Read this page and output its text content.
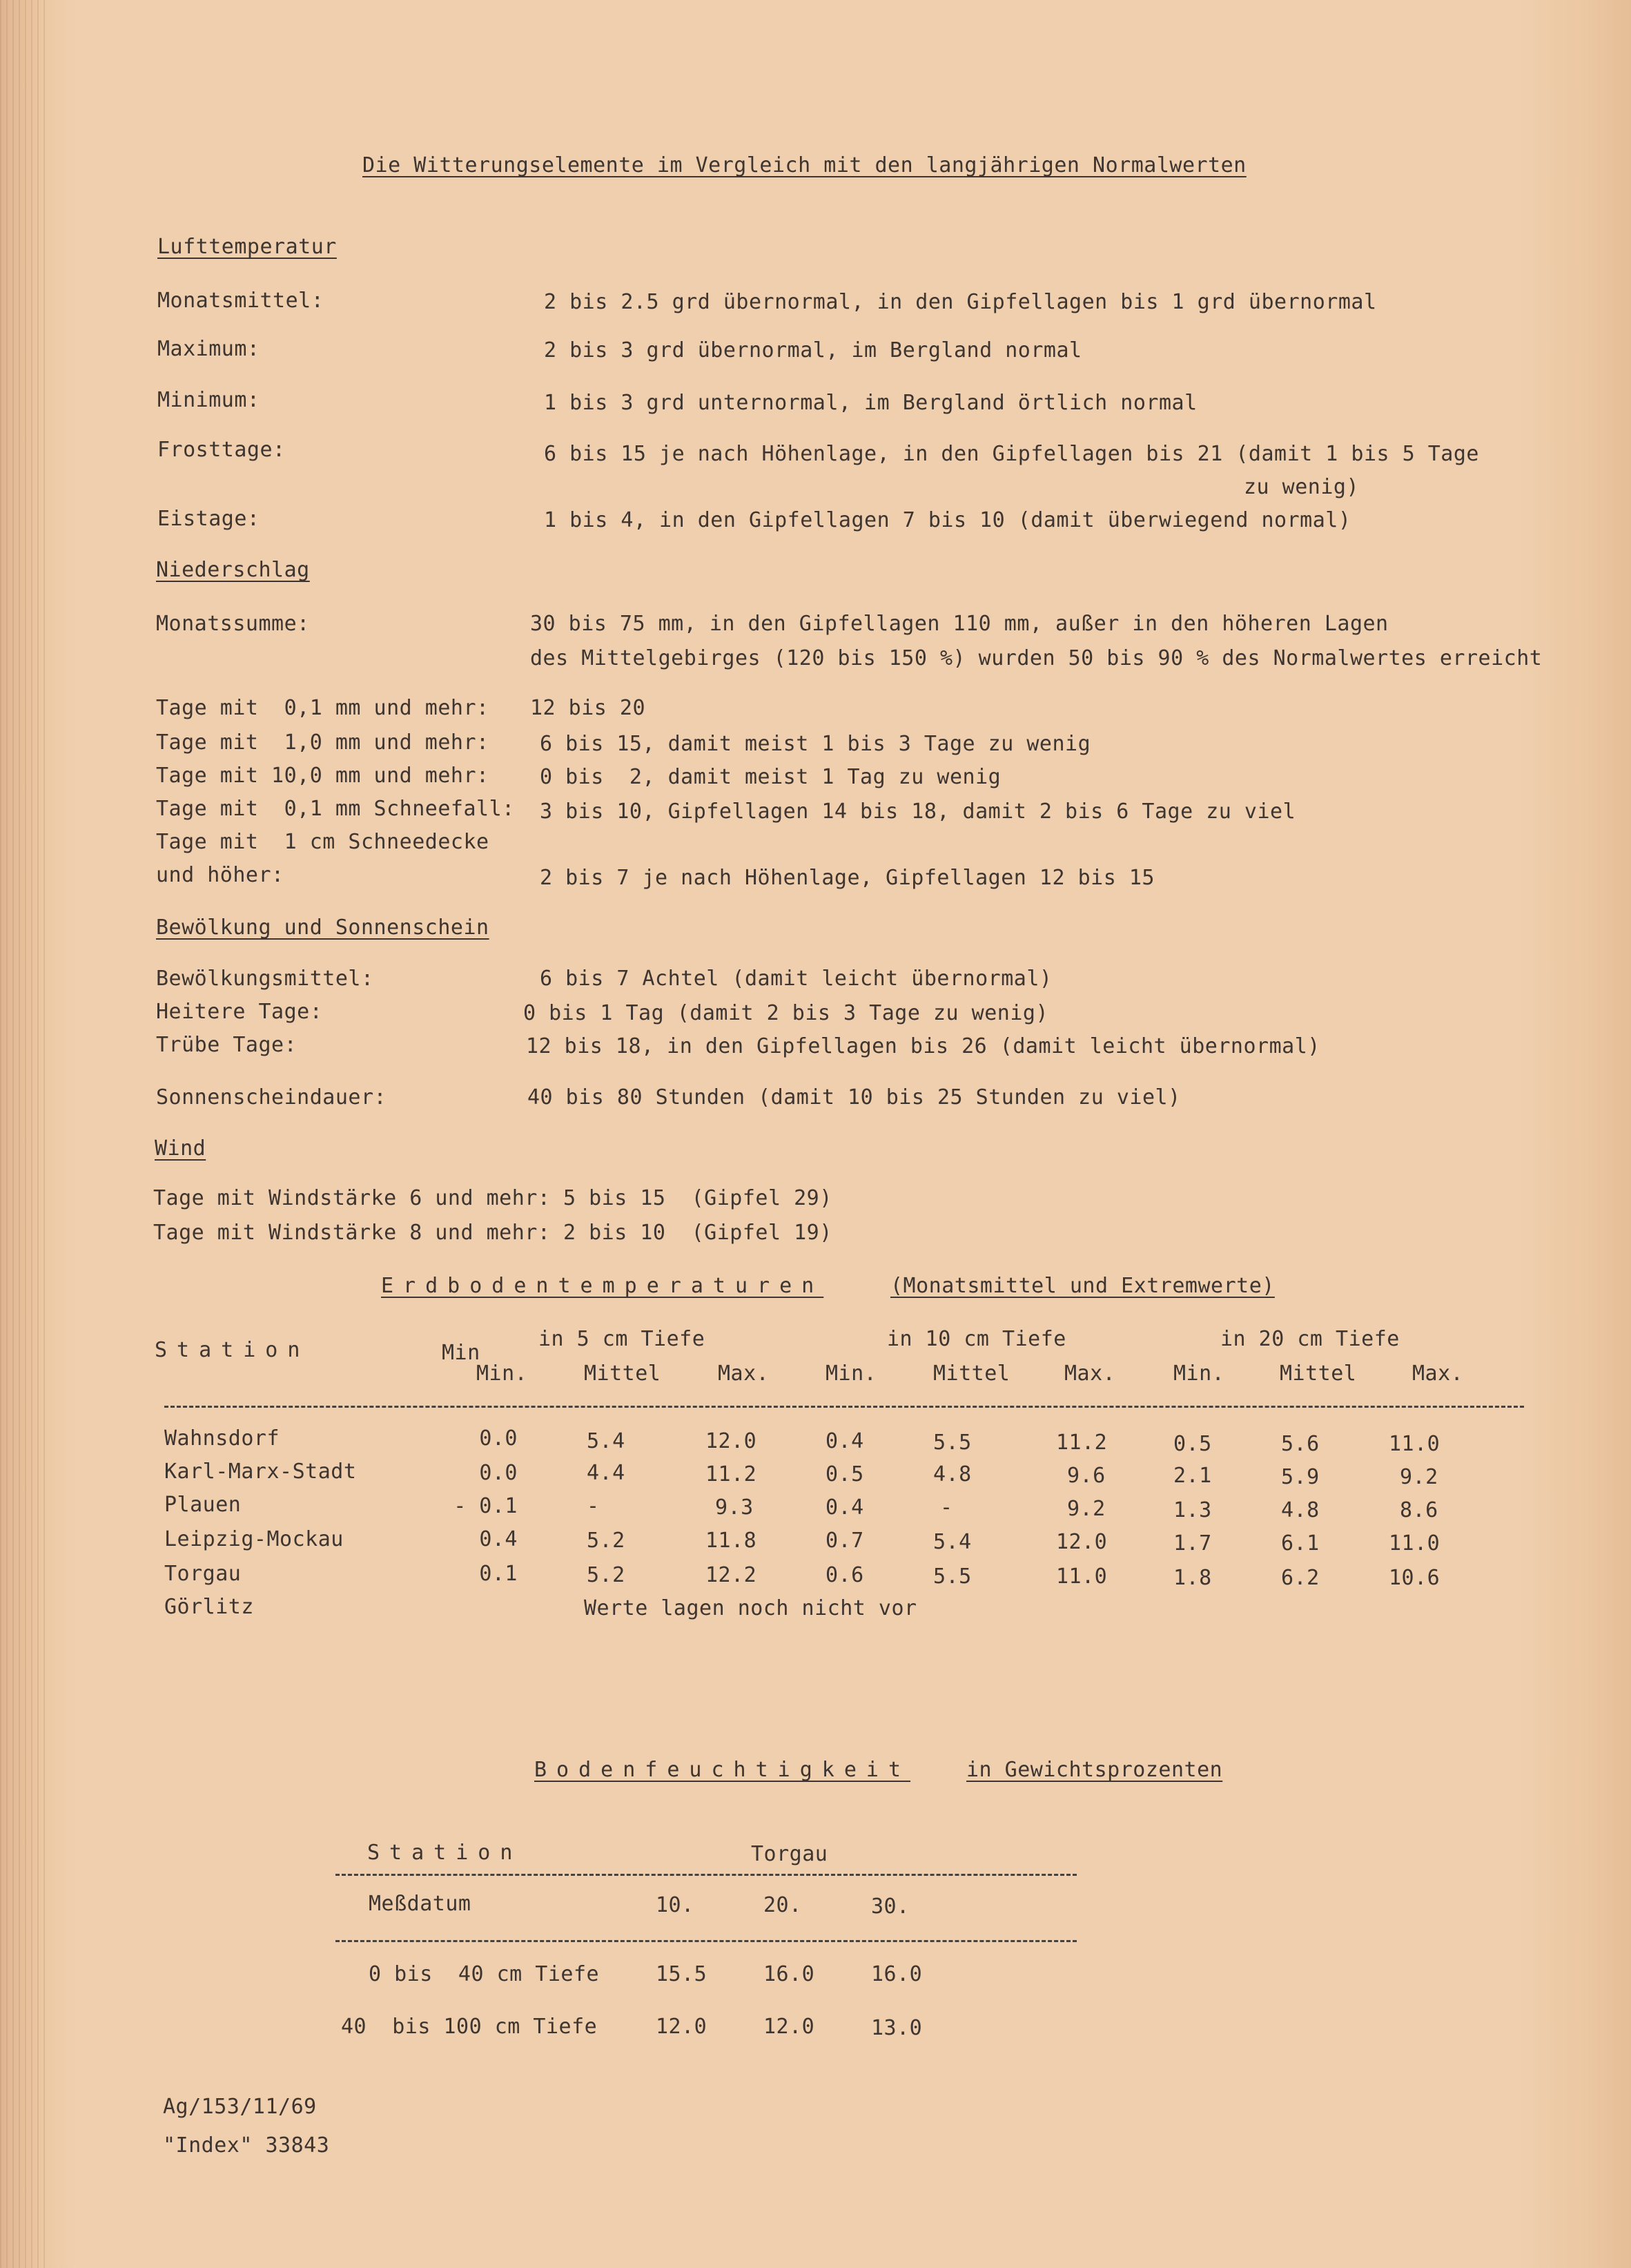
Die Witterungselemente im Vergleich mit den langjährigen Normalwerten
Lufttemperatur
Monatsmittel:	2 bis 2.5 grd übernormal, in den Gipfellagen bis 1 grd übernormal
Maximum:	2 bis 3 grd übernormal, im Bergland normal
Minimum:	1 bis 3 grd unternormal, im Bergland örtlich normal
Frosttage:	6 bis 15 je nach Höhenlage, in den Gipfellagen bis 21 (damit 1 bis 5 Tage
zu wenig)
Eistage:	1 bis 4, in den Gipfellagen 7 bis 10 (damit überwiegend normal)
Niederschlag
Monatssumme:	30 bis 75 mm, in den Gipfellagen 110 mm, außer in den höheren Lagen
des Mittelgebirges (120 bis 150 %) wurden 50 bis 90 % des Normalwertes erreicht
Tage mit  0,1 mm und mehr: 12 bis 20
Tage mit  1,0 mm und mehr: 6 bis 15, damit meist 1 bis 3 Tage zu wenig
Tage mit 10,0 mm und mehr: 0 bis  2, damit meist 1 Tag zu wenig
Tage mit  0,1 mm Schneefall: 3 bis 10, Gipfellagen 14 bis 18, damit 2 bis 6 Tage zu viel
Tage mit  1 cm Schneedecke
und höher:	2 bis 7 je nach Höhenlage, Gipfellagen 12 bis 15
Bewölkung und Sonnenschein
Bewölkungsmittel:	6 bis 7 Achtel (damit leicht übernormal)
Heitere Tage:	0 bis 1 Tag (damit 2 bis 3 Tage zu wenig)
Trübe Tage:	12 bis 18, in den Gipfellagen bis 26 (damit leicht übernormal)
Sonnenscheindauer:	40 bis 80 Stunden (damit 10 bis 25 Stunden zu viel)
Wind
Tage mit Windstärke 6 und mehr: 5 bis 15  (Gipfel 29)
Tage mit Windstärke 8 und mehr: 2 bis 10  (Gipfel 19)
Erdbodentemperaturen	(Monatsmittel und Extremwerte)
Station	Min
in 5 cm Tiefe	in 10 cm Tiefe	in 20 cm Tiefe
Min.	Mittel	Max.	Min.	Mittel	Max.	Min.	Mittel	Max.
Wahnsdorf	0.0	5.4	12.0	0.4	5.5	11.2	0.5	5.6	11.0
Karl-Marx-Stadt	0.0	4.4	11.2	0.5	4.8	9.6	2.1	5.9	9.2
Plauen	- 0.1	-	9.3	0.4	-	9.2	1.3	4.8	8.6
Leipzig-Mockau	0.4	5.2	11.8	0.7	5.4	12.0	1.7	6.1	11.0
Torgau	0.1	5.2	12.2	0.6	5.5	11.0	1.8	6.2	10.6
Görlitz	Werte lagen noch nicht vor
Bodenfeuchtigkeit	in Gewichtsprozenten
Station	Torgau
Meßdatum	10.	20.	30.
0 bis  40 cm Tiefe	15.5	16.0	16.0
40  bis 100 cm Tiefe	12.0	12.0	13.0
Ag/153/11/69
"Index" 33843
